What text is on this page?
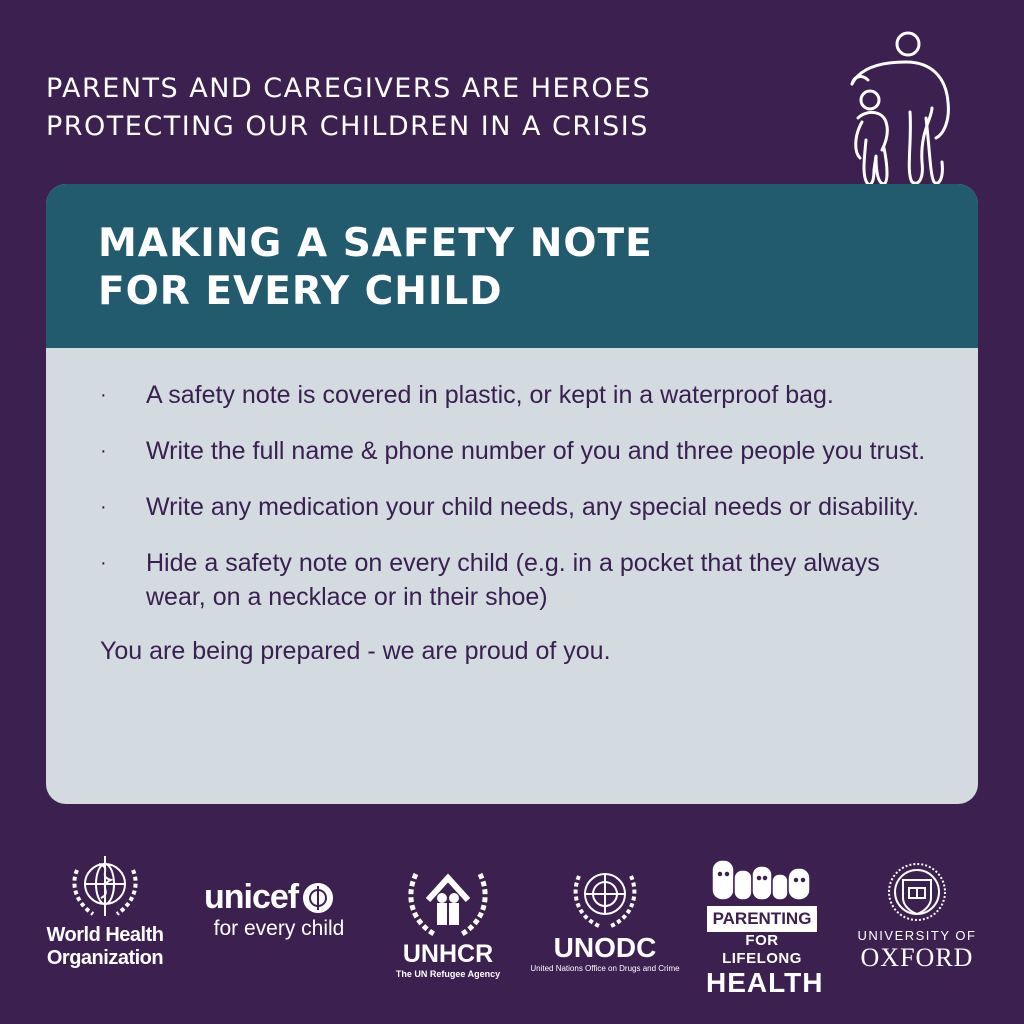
PARENTS AND CAREGIVERS ARE HEROES
PROTECTING OUR CHILDREN IN A CRISIS
MAKING A SAFETY NOTE
FOR EVERY CHILD
·	A safety note is covered in plastic, or kept in a waterproof bag.
·	Write the full name & phone number of you and three people you trust.
·	Write any medication your child needs, any special needs or disability.
·	Hide a safety note on every child (e.g. in a pocket that they always wear, on a necklace or in their shoe)
You are being prepared - we are proud of you.
World Health
Organization
unicef
for every child
UNHCR
The UN Refugee Agency
UNODC
United Nations Office on Drugs and Crime
PARENTING
FOR LIFELONG
HEALTH
UNIVERSITY OF
OXFORD
